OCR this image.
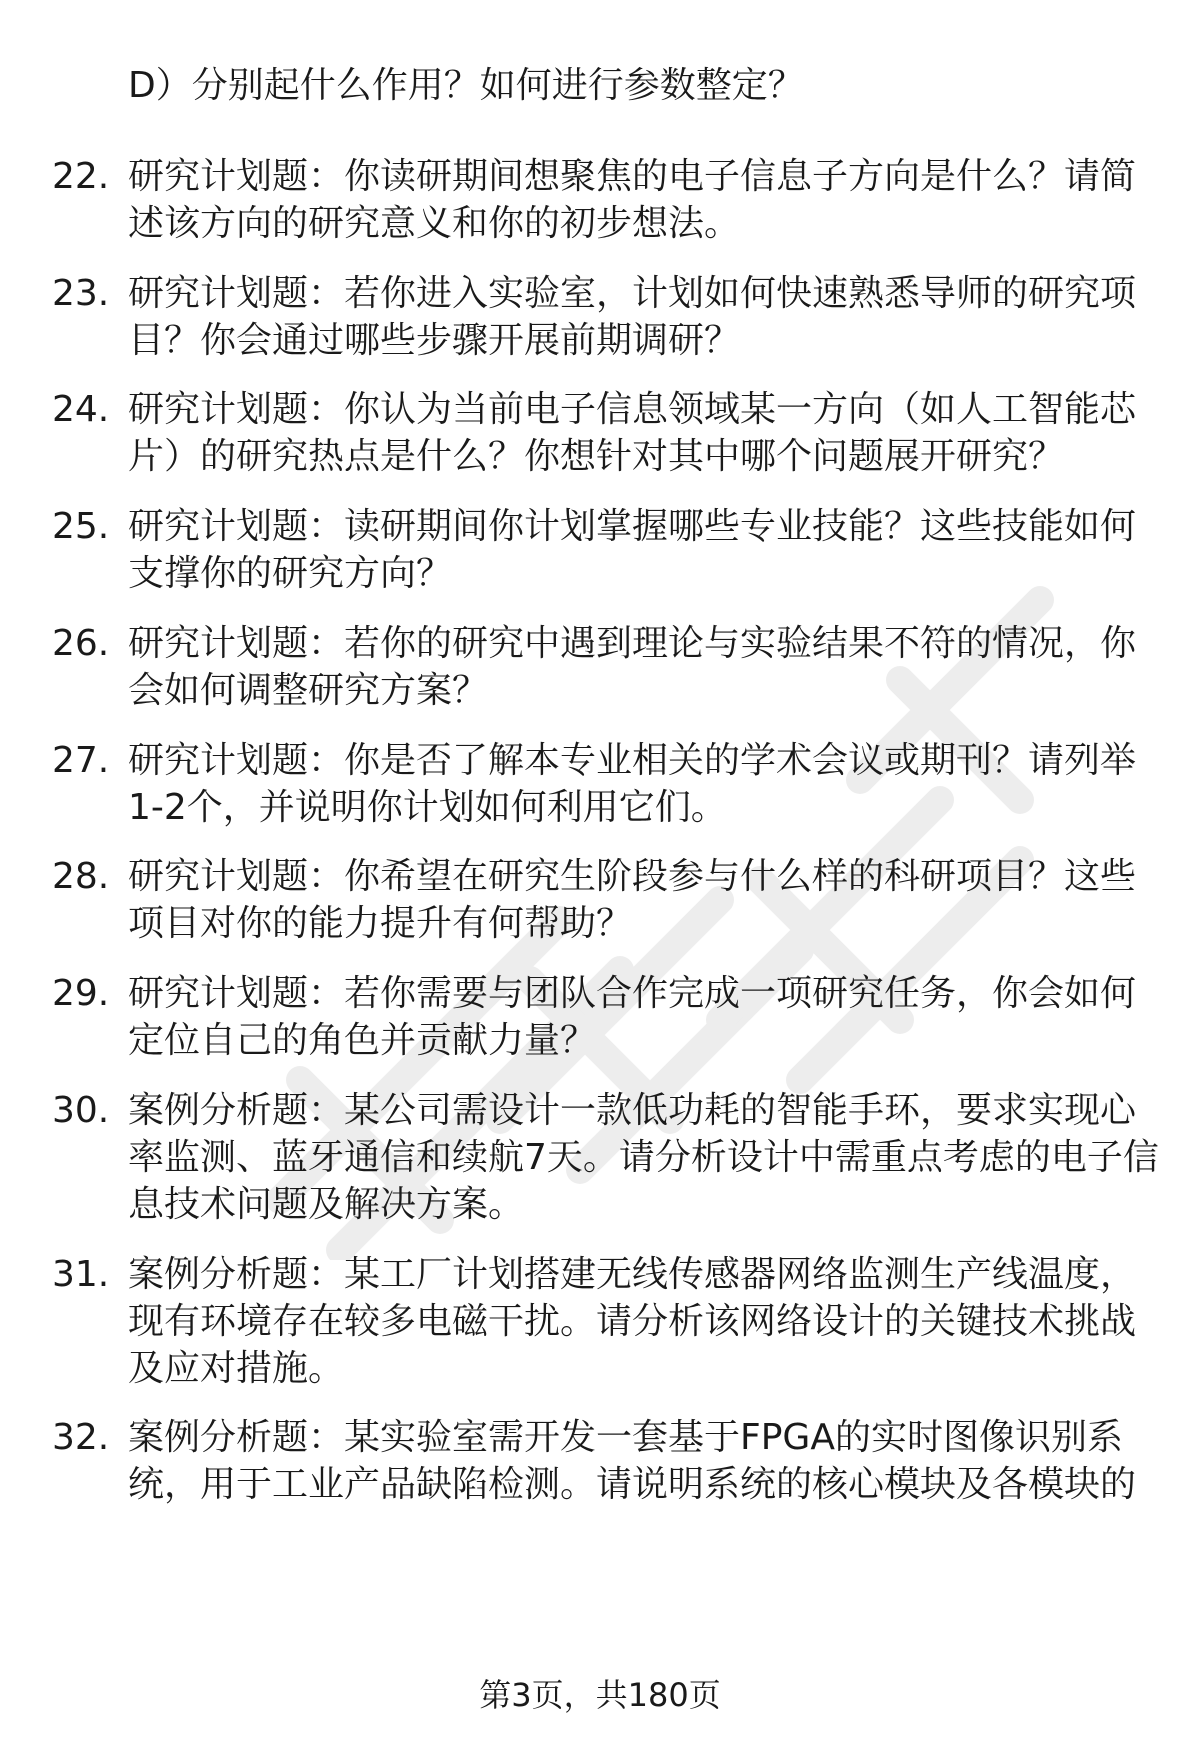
D）分别起什么作用？如何进行参数整定？
22. 研究计划题：你读研期间想聚焦的电子信息子方向是什么？请简
述该方向的研究意义和你的初步想法。
23. 研究计划题：若你进入实验室，计划如何快速熟悉导师的研究项
目？你会通过哪些步骤开展前期调研？
24. 研究计划题：你认为当前电子信息领域某一方向（如人工智能芯
片）的研究热点是什么？你想针对其中哪个问题展开研究？
25. 研究计划题：读研期间你计划掌握哪些专业技能？这些技能如何
支撑你的研究方向？
26. 研究计划题：若你的研究中遇到理论与实验结果不符的情况，你
会如何调整研究方案？
27. 研究计划题：你是否了解本专业相关的学术会议或期刊？请列举
1-2个，并说明你计划如何利用它们。
28. 研究计划题：你希望在研究生阶段参与什么样的科研项目？这些
项目对你的能力提升有何帮助？
29. 研究计划题：若你需要与团队合作完成一项研究任务，你会如何
定位自己的角色并贡献力量？
30. 案例分析题：某公司需设计一款低功耗的智能手环，要求实现心
率监测、蓝牙通信和续航7天。请分析设计中需重点考虑的电子信
息技术问题及解决方案。
31. 案例分析题：某工厂计划搭建无线传感器网络监测生产线温度，
现有环境存在较多电磁干扰。请分析该网络设计的关键技术挑战
及应对措施。
32. 案例分析题：某实验室需开发一套基于FPGA的实时图像识别系
统，用于工业产品缺陷检测。请说明系统的核心模块及各模块的
第3页，共180页
